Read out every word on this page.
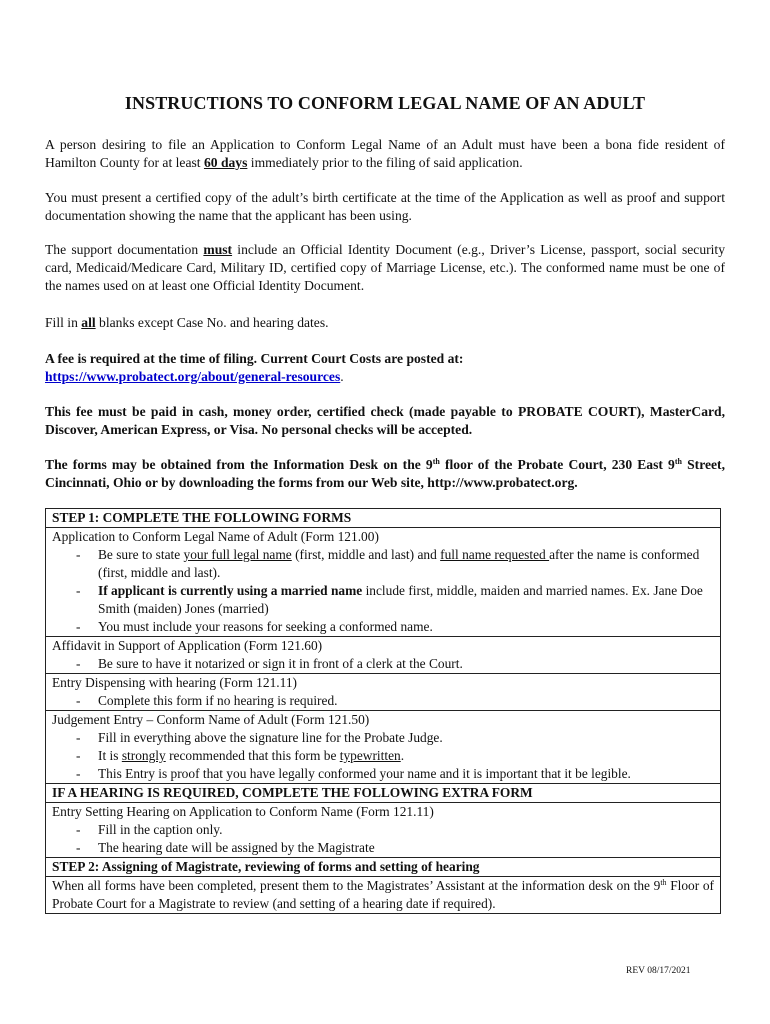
INSTRUCTIONS TO CONFORM LEGAL NAME OF AN ADULT

A person desiring to file an Application to Conform Legal Name of an Adult must have been a bona fide resident of Hamilton County for at least 60 days immediately prior to the filing of said application.

You must present a certified copy of the adult’s birth certificate at the time of the Application as well as proof and support documentation showing the name that the applicant has been using.

The support documentation must include an Official Identity Document (e.g., Driver’s License, passport, social security card, Medicaid/Medicare Card, Military ID, certified copy of Marriage License, etc.). The conformed name must be one of the names used on at least one Official Identity Document.

Fill in all blanks except Case No. and hearing dates.

A fee is required at the time of filing. Current Court Costs are posted at:
https://www.probatect.org/about/general-resources.

This fee must be paid in cash, money order, certified check (made payable to PROBATE COURT), MasterCard, Discover, American Express, or Visa. No personal checks will be accepted.

The forms may be obtained from the Information Desk on the 9th floor of the Probate Court, 230 East 9th Street, Cincinnati, Ohio or by downloading the forms from our Web site, http://www.probatect.org.

STEP 1: COMPLETE THE FOLLOWING FORMS
Application to Conform Legal Name of Adult (Form 121.00)
- Be sure to state your full legal name (first, middle and last) and full name requested after the name is conformed (first, middle and last).
- If applicant is currently using a married name include first, middle, maiden and married names. Ex. Jane Doe Smith (maiden) Jones (married)
- You must include your reasons for seeking a conformed name.
Affidavit in Support of Application (Form 121.60)
- Be sure to have it notarized or sign it in front of a clerk at the Court.
Entry Dispensing with hearing (Form 121.11)
- Complete this form if no hearing is required.
Judgement Entry – Conform Name of Adult (Form 121.50)
- Fill in everything above the signature line for the Probate Judge.
- It is strongly recommended that this form be typewritten.
- This Entry is proof that you have legally conformed your name and it is important that it be legible.
IF A HEARING IS REQUIRED, COMPLETE THE FOLLOWING EXTRA FORM
Entry Setting Hearing on Application to Conform Name (Form 121.11)
- Fill in the caption only.
- The hearing date will be assigned by the Magistrate
STEP 2: Assigning of Magistrate, reviewing of forms and setting of hearing
When all forms have been completed, present them to the Magistrates’ Assistant at the information desk on the 9th Floor of Probate Court for a Magistrate to review (and setting of a hearing date if required).
REV 08/17/2021
